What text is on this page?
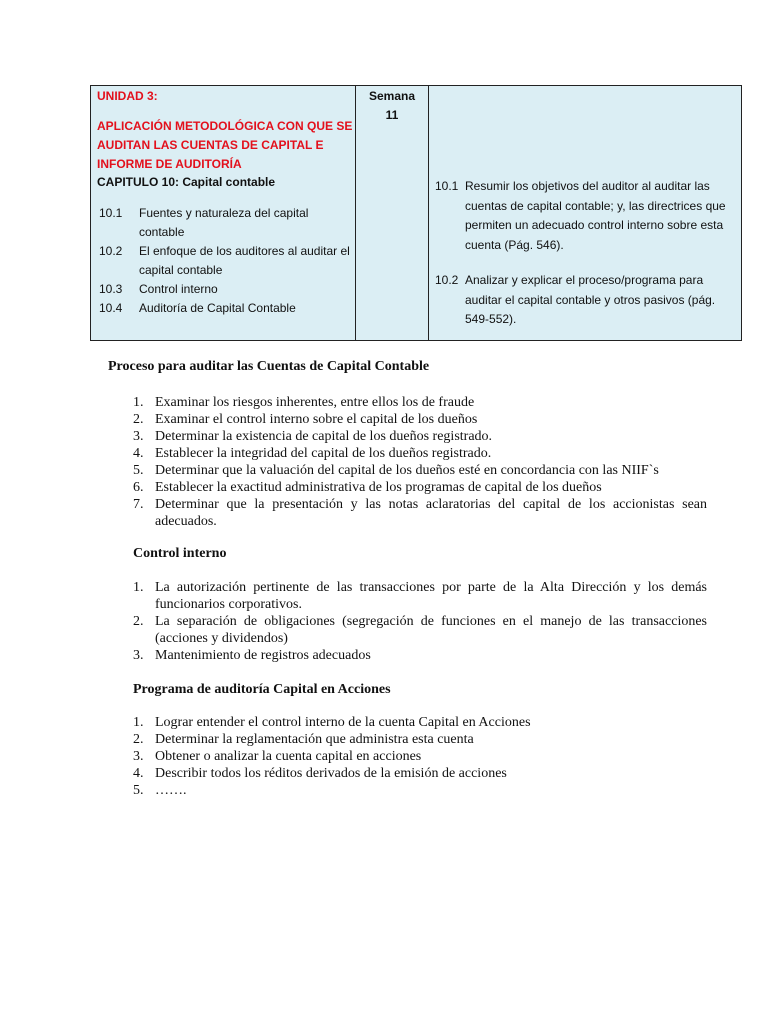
UNIDAD 3:
APLICACIÓN METODOLÓGICA CON QUE SE AUDITAN LAS CUENTAS DE CAPITAL E INFORME DE AUDITORÍA
CAPITULO 10: Capital contable
10.1	Fuentes y naturaleza del capital contable
10.2	El enfoque de los auditores al auditar el capital contable
10.3	Control interno
10.4	Auditoría de Capital Contable
Semana
11
10.1 Resumir los objetivos del auditor al auditar las
cuentas de capital contable; y, las directrices que permiten un adecuado control interno sobre esta cuenta (Pág. 546).
10.2 Analizar y explicar el proceso/programa para
auditar el capital contable y otros pasivos (pág. 549-552).
Proceso para auditar las Cuentas de Capital Contable
1. Examinar los riesgos inherentes, entre ellos los de fraude
2. Examinar el control interno sobre el capital de los dueños
3. Determinar la existencia de capital de los dueños registrado.
4. Establecer la integridad del capital de los dueños registrado.
5. Determinar que la valuación del capital de los dueños esté en concordancia con las NIIF`s
6. Establecer la exactitud administrativa de los programas de capital de los dueños
7. Determinar que la presentación y las notas aclaratorias del capital de los accionistas sean adecuados.
Control interno
1. La autorización pertinente de las transacciones por parte de la Alta Dirección y los demás funcionarios corporativos.
2. La separación de obligaciones (segregación de funciones en el manejo de las transacciones (acciones y dividendos)
3. Mantenimiento de registros adecuados
Programa de auditoría Capital en Acciones
1. Lograr entender el control interno de la cuenta Capital en Acciones
2. Determinar la reglamentación que administra esta cuenta
3. Obtener o analizar la cuenta capital en acciones
4. Describir todos los réditos derivados de la emisión de acciones
5. …….
